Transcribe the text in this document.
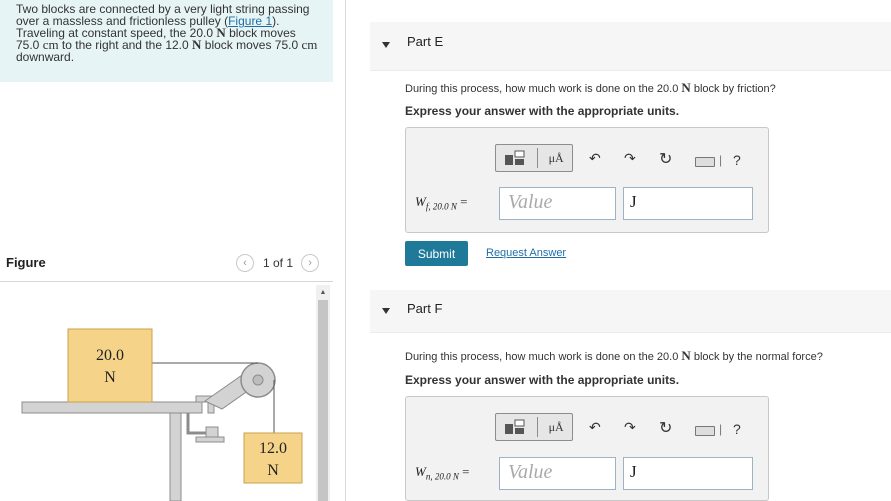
Two blocks are connected by a very light string passing
over a massless and frictionless pulley (Figure 1).
Traveling at constant speed, the 20.0 N block moves
75.0 cm to the right and the 12.0 N block moves 75.0 cm
downward.
Figure	‹	1 of 1	›
20.0
N
12.0
N
▲
Part E
During this process, how much work is done on the 20.0 N block by friction?
Express your answer with the appropriate units.
μÅ ↶ ↷ ↻	| ?
$W_{f, 20.0 N}$ =	Value	J
Submit	Request Answer
Part F
During this process, how much work is done on the 20.0 N block by the normal force?
Express your answer with the appropriate units.
μÅ ↶ ↷ ↻	| ?
$W_{n, 20.0 N}$ =	Value	J
